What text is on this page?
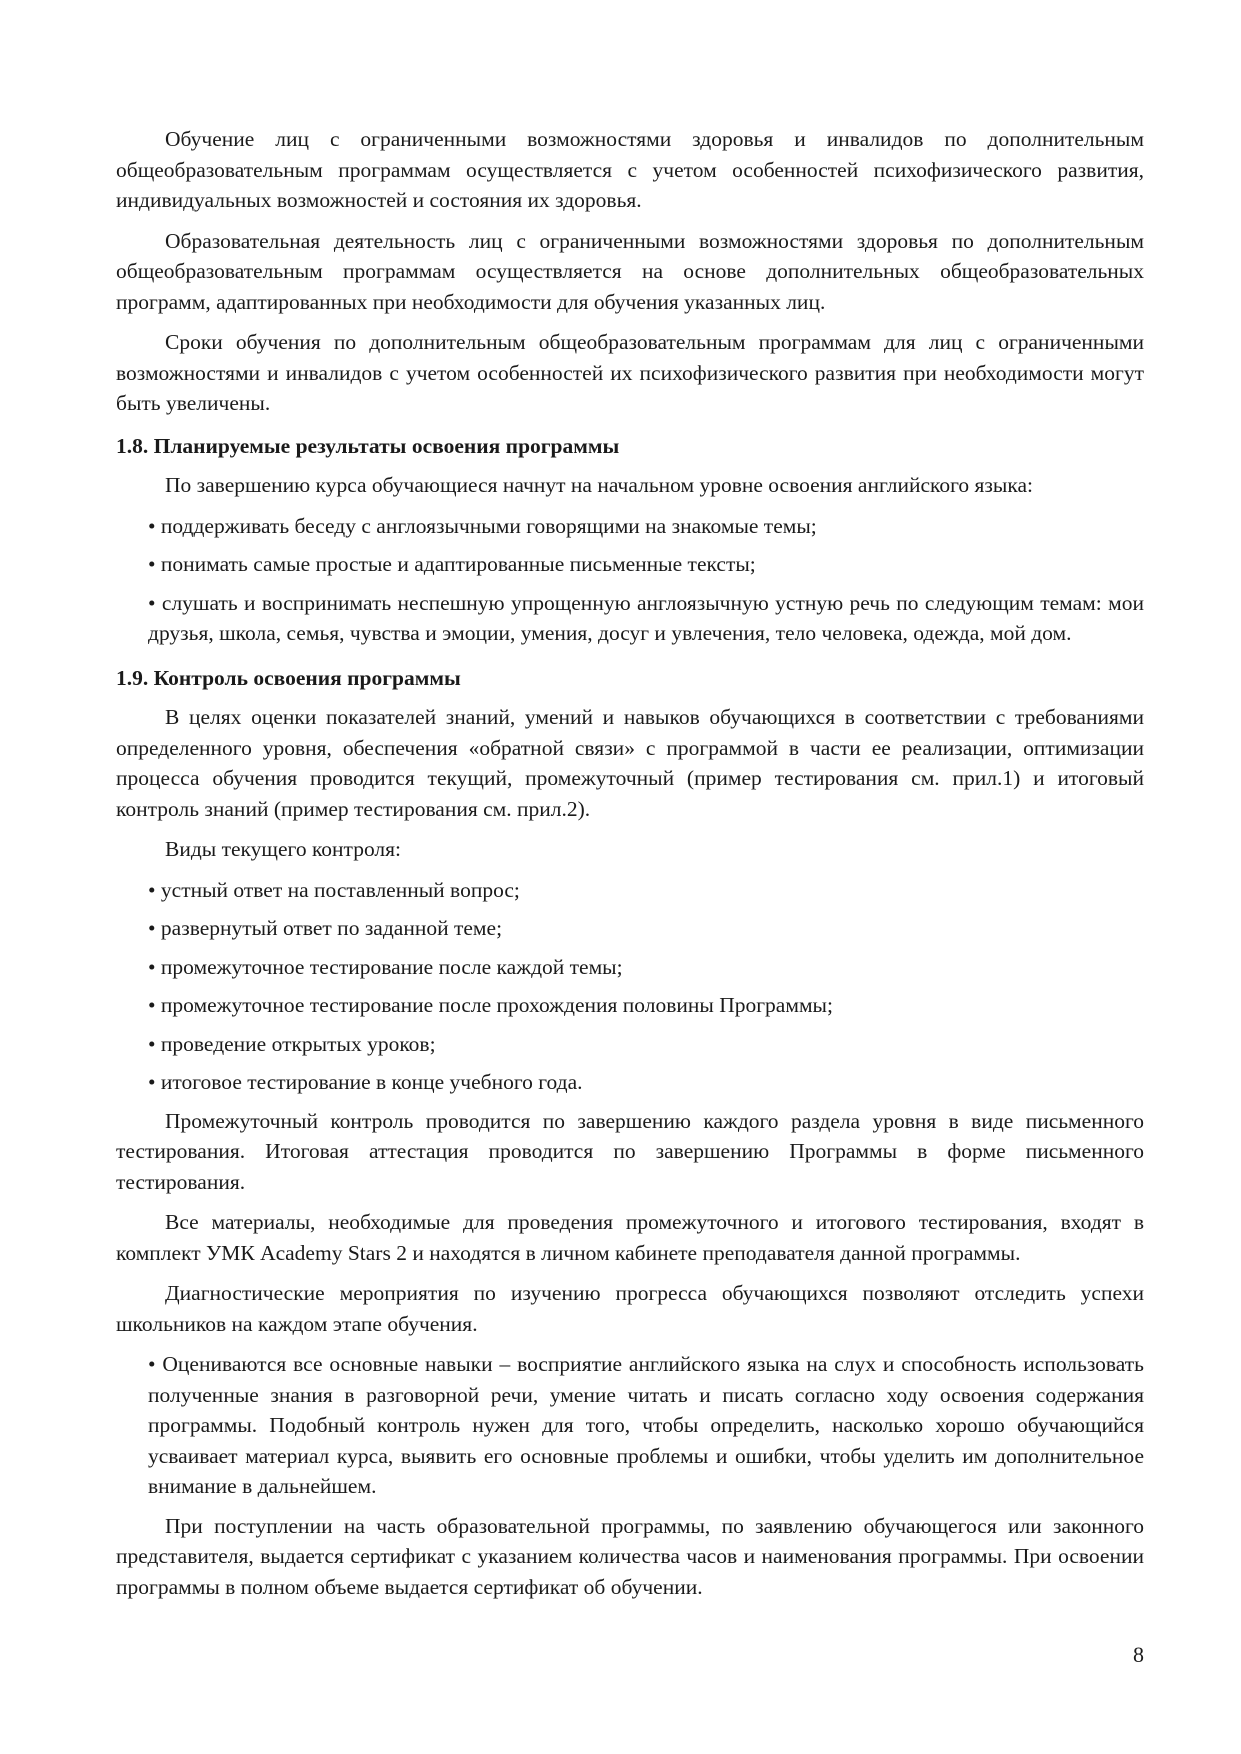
Обучение лиц с ограниченными возможностями здоровья и инвалидов по дополнительным общеобразовательным программам осуществляется с учетом особенностей психофизического развития, индивидуальных возможностей и состояния их здоровья.

Образовательная деятельность лиц с ограниченными возможностями здоровья по дополнительным общеобразовательным программам осуществляется на основе дополнительных общеобразовательных программ, адаптированных при необходимости для обучения указанных лиц.

Сроки обучения по дополнительным общеобразовательным программам для лиц с ограниченными возможностями и инвалидов с учетом особенностей их психофизического развития при необходимости могут быть увеличены.

1.8. Планируемые результаты освоения программы

По завершению курса обучающиеся начнут на начальном уровне освоения английского языка:

• поддерживать беседу с англоязычными говорящими на знакомые темы;

• понимать самые простые и адаптированные письменные тексты;

• слушать и воспринимать неспешную упрощенную англоязычную устную речь по следующим темам: мои друзья, школа, семья, чувства и эмоции, умения, досуг и увлечения, тело человека, одежда, мой дом.

1.9. Контроль освоения программы

В целях оценки показателей знаний, умений и навыков обучающихся в соответствии с требованиями определенного уровня, обеспечения «обратной связи» с программой в части ее реализации, оптимизации процесса обучения проводится текущий, промежуточный (пример тестирования см. прил.1) и итоговый контроль знаний (пример тестирования см. прил.2).

Виды текущего контроля:

• устный ответ на поставленный вопрос;

• развернутый ответ по заданной теме;

• промежуточное тестирование после каждой темы;

• промежуточное тестирование после прохождения половины Программы;

• проведение открытых уроков;

• итоговое тестирование в конце учебного года.

Промежуточный контроль проводится по завершению каждого раздела уровня в виде письменного тестирования. Итоговая аттестация проводится по завершению Программы в форме письменного тестирования.

Все материалы, необходимые для проведения промежуточного и итогового тестирования, входят в комплект УМК Academy Stars 2 и находятся в личном кабинете преподавателя данной программы.

Диагностические мероприятия по изучению прогресса обучающихся позволяют отследить успехи школьников на каждом этапе обучения.

• Оцениваются все основные навыки – восприятие английского языка на слух и способность использовать полученные знания в разговорной речи, умение читать и писать согласно ходу освоения содержания программы. Подобный контроль нужен для того, чтобы определить, насколько хорошо обучающийся усваивает материал курса, выявить его основные проблемы и ошибки, чтобы уделить им дополнительное внимание в дальнейшем.

При поступлении на часть образовательной программы, по заявлению обучающегося или законного представителя, выдается сертификат с указанием количества часов и наименования программы. При освоении программы в полном объеме выдается сертификат об обучении.

8
